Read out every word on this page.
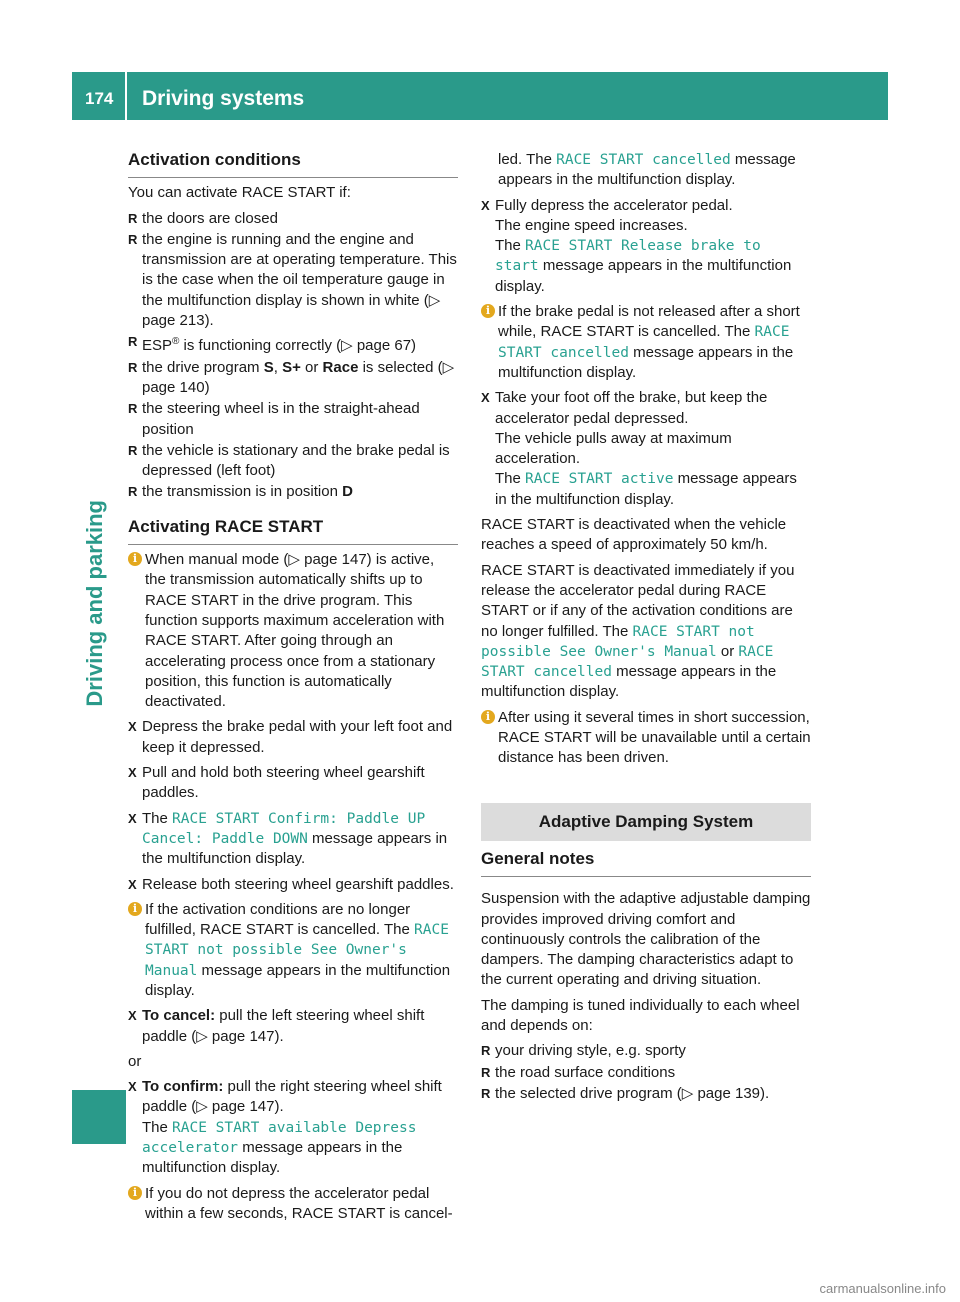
174 Driving systems
Driving and parking
Activation conditions

You can activate RACE START if:

R the doors are closed
R the engine is running and the engine and transmission are at operating temperature. This is the case when the oil temperature gauge in the multifunction display is shown in white (▷ page 213).
R ESP® is functioning correctly (▷ page 67)
R the drive program S, S+ or Race is selected (▷ page 140)
R the steering wheel is in the straight-ahead position
R the vehicle is stationary and the brake pedal is depressed (left foot)
R the transmission is in position D
Activating RACE START
i When manual mode (▷ page 147) is active, the transmission automatically shifts up to RACE START in the drive program. This function supports maximum acceleration with RACE START. After going through an accelerating process once from a stationary position, this function is automatically deactivated.
X Depress the brake pedal with your left foot and keep it depressed.
X Pull and hold both steering wheel gearshift paddles.
X The RACE START Confirm: Paddle UP Cancel: Paddle DOWN message appears in the multifunction display.
X Release both steering wheel gearshift paddles.
i If the activation conditions are no longer fulfilled, RACE START is cancelled. The RACE START not possible See Owner's Manual message appears in the multifunction display.
X To cancel: pull the left steering wheel shift paddle (▷ page 147).

or

X To confirm: pull the right steering wheel shift paddle (▷ page 147).
The RACE START available Depress accelerator message appears in the multifunction display.
i If you do not depress the accelerator pedal within a few seconds, RACE START is cancel-

led. The RACE START cancelled message appears in the multifunction display.

X Fully depress the accelerator pedal.
The engine speed increases.
The RACE START Release brake to start message appears in the multifunction display.
i If the brake pedal is not released after a short while, RACE START is cancelled. The RACE START cancelled message appears in the multifunction display.
X Take your foot off the brake, but keep the accelerator pedal depressed.
The vehicle pulls away at maximum acceleration.
The RACE START active message appears in the multifunction display.

RACE START is deactivated when the vehicle reaches a speed of approximately 50 km/h.

RACE START is deactivated immediately if you release the accelerator pedal during RACE START or if any of the activation conditions are no longer fulfilled. The RACE START not possible See Owner's Manual or RACE START cancelled message appears in the multifunction display.

i After using it several times in short succession, RACE START will be unavailable until a certain distance has been driven.
Adaptive Damping System
General notes

Suspension with the adaptive adjustable damping provides improved driving comfort and continuously controls the calibration of the dampers. The damping characteristics adapt to the current operating and driving situation.

The damping is tuned individually to each wheel and depends on:

R your driving style, e.g. sporty
R the road surface conditions
R the selected drive program (▷ page 139).
carmanualsonline.info
